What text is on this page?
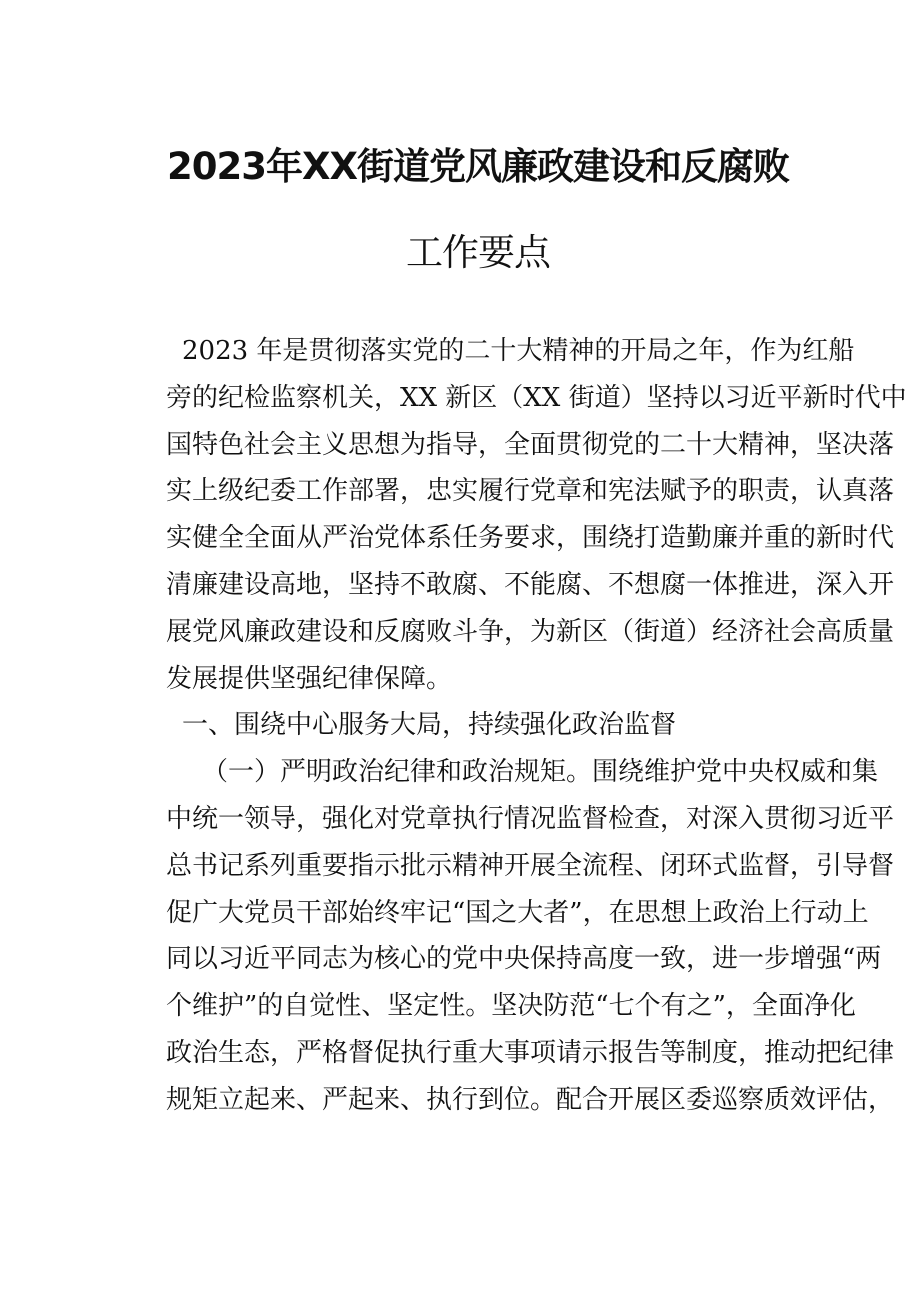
2023年XX街道党风廉政建设和反腐败
工作要点
2023 年是贯彻落实党的二十大精神的开局之年，作为红船
旁的纪检监察机关，XX 新区（XX 街道）坚持以习近平新时代中
国特色社会主义思想为指导，全面贯彻党的二十大精神，坚决落
实上级纪委工作部署，忠实履行党章和宪法赋予的职责，认真落
实健全全面从严治党体系任务要求，围绕打造勤廉并重的新时代
清廉建设高地，坚持不敢腐、不能腐、不想腐一体推进，深入开
展党风廉政建设和反腐败斗争，为新区（街道）经济社会高质量
发展提供坚强纪律保障。
一、围绕中心服务大局，持续强化政治监督
（一）严明政治纪律和政治规矩。围绕维护党中央权威和集
中统一领导，强化对党章执行情况监督检查，对深入贯彻习近平
总书记系列重要指示批示精神开展全流程、闭环式监督，引导督
促广大党员干部始终牢记“国之大者”，在思想上政治上行动上
同以习近平同志为核心的党中央保持高度一致，进一步增强“两
个维护”的自觉性、坚定性。坚决防范“七个有之”，全面净化
政治生态，严格督促执行重大事项请示报告等制度，推动把纪律
规矩立起来、严起来、执行到位。配合开展区委巡察质效评估，
